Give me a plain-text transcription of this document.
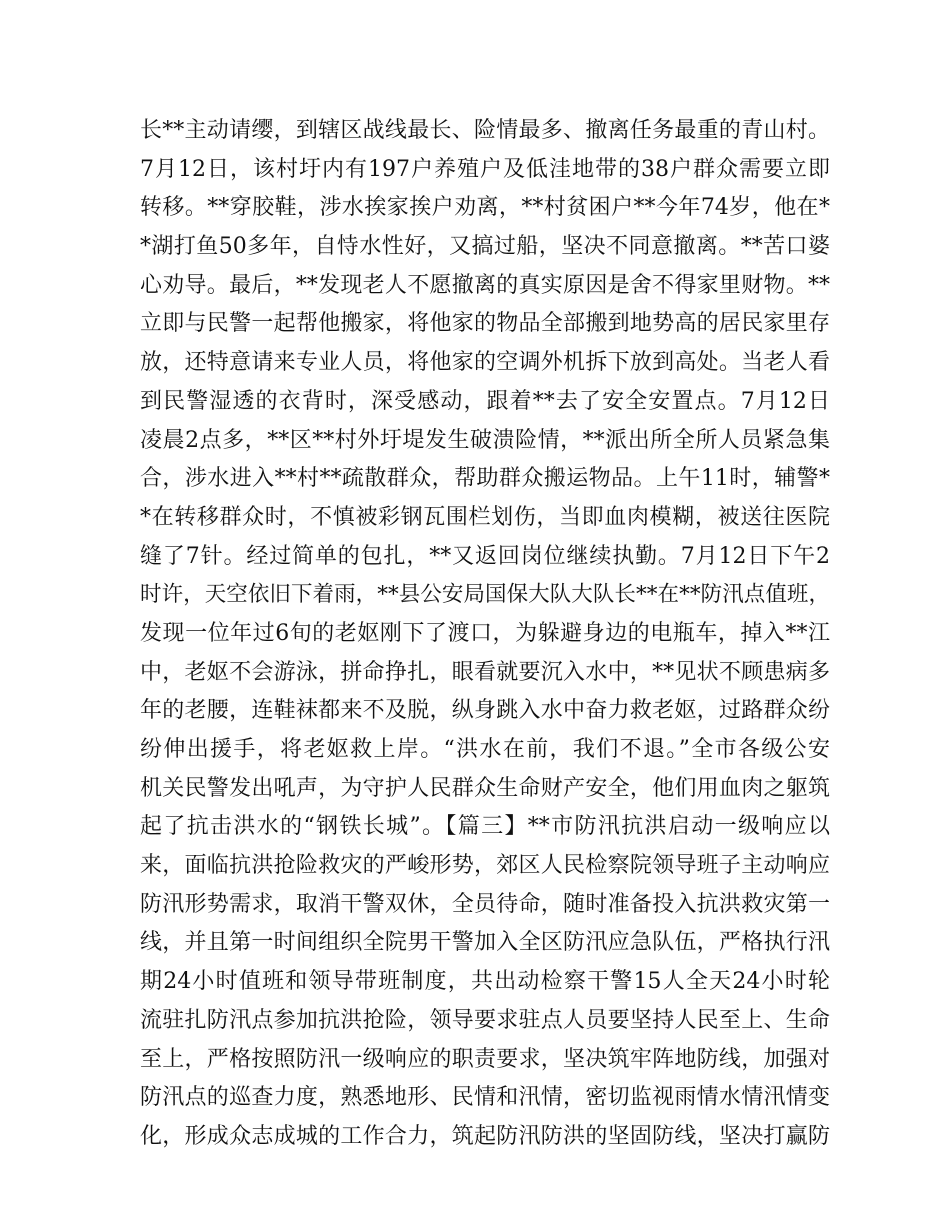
长**主动请缨，到辖区战线最长、险情最多、撤离任务最重的青山村。
7月12日，该村圩内有197户养殖户及低洼地带的38户群众需要立即
转移。**穿胶鞋，涉水挨家挨户劝离，**村贫困户**今年74岁，他在*
*湖打鱼50多年，自恃水性好，又搞过船，坚决不同意撤离。**苦口婆
心劝导。最后，**发现老人不愿撤离的真实原因是舍不得家里财物。**
立即与民警一起帮他搬家，将他家的物品全部搬到地势高的居民家里存
放，还特意请来专业人员，将他家的空调外机拆下放到高处。当老人看
到民警湿透的衣背时，深受感动，跟着**去了安全安置点。7月12日
凌晨2点多，**区**村外圩堤发生破溃险情，**派出所全所人员紧急集
合，涉水进入**村**疏散群众，帮助群众搬运物品。上午11时，辅警*
*在转移群众时，不慎被彩钢瓦围栏划伤，当即血肉模糊，被送往医院
缝了7针。经过简单的包扎，**又返回岗位继续执勤。7月12日下午2
时许，天空依旧下着雨，**县公安局国保大队大队长**在**防汛点值班，
发现一位年过6旬的老妪刚下了渡口，为躲避身边的电瓶车，掉入**江
中，老妪不会游泳，拼命挣扎，眼看就要沉入水中，**见状不顾患病多
年的老腰，连鞋袜都来不及脱，纵身跳入水中奋力救老妪，过路群众纷
纷伸出援手，将老妪救上岸。“洪水在前，我们不退。”全市各级公安
机关民警发出吼声，为守护人民群众生命财产安全，他们用血肉之躯筑
起了抗击洪水的“钢铁长城”。【篇三】**市防汛抗洪启动一级响应以
来，面临抗洪抢险救灾的严峻形势，郊区人民检察院领导班子主动响应
防汛形势需求，取消干警双休，全员待命，随时准备投入抗洪救灾第一
线，并且第一时间组织全院男干警加入全区防汛应急队伍，严格执行汛
期24小时值班和领导带班制度，共出动检察干警15人全天24小时轮
流驻扎防汛点参加抗洪抢险，领导要求驻点人员要坚持人民至上、生命
至上，严格按照防汛一级响应的职责要求，坚决筑牢阵地防线，加强对
防汛点的巡查力度，熟悉地形、民情和汛情，密切监视雨情水情汛情变
化，形成众志成城的工作合力，筑起防汛防洪的坚固防线，坚决打赢防
